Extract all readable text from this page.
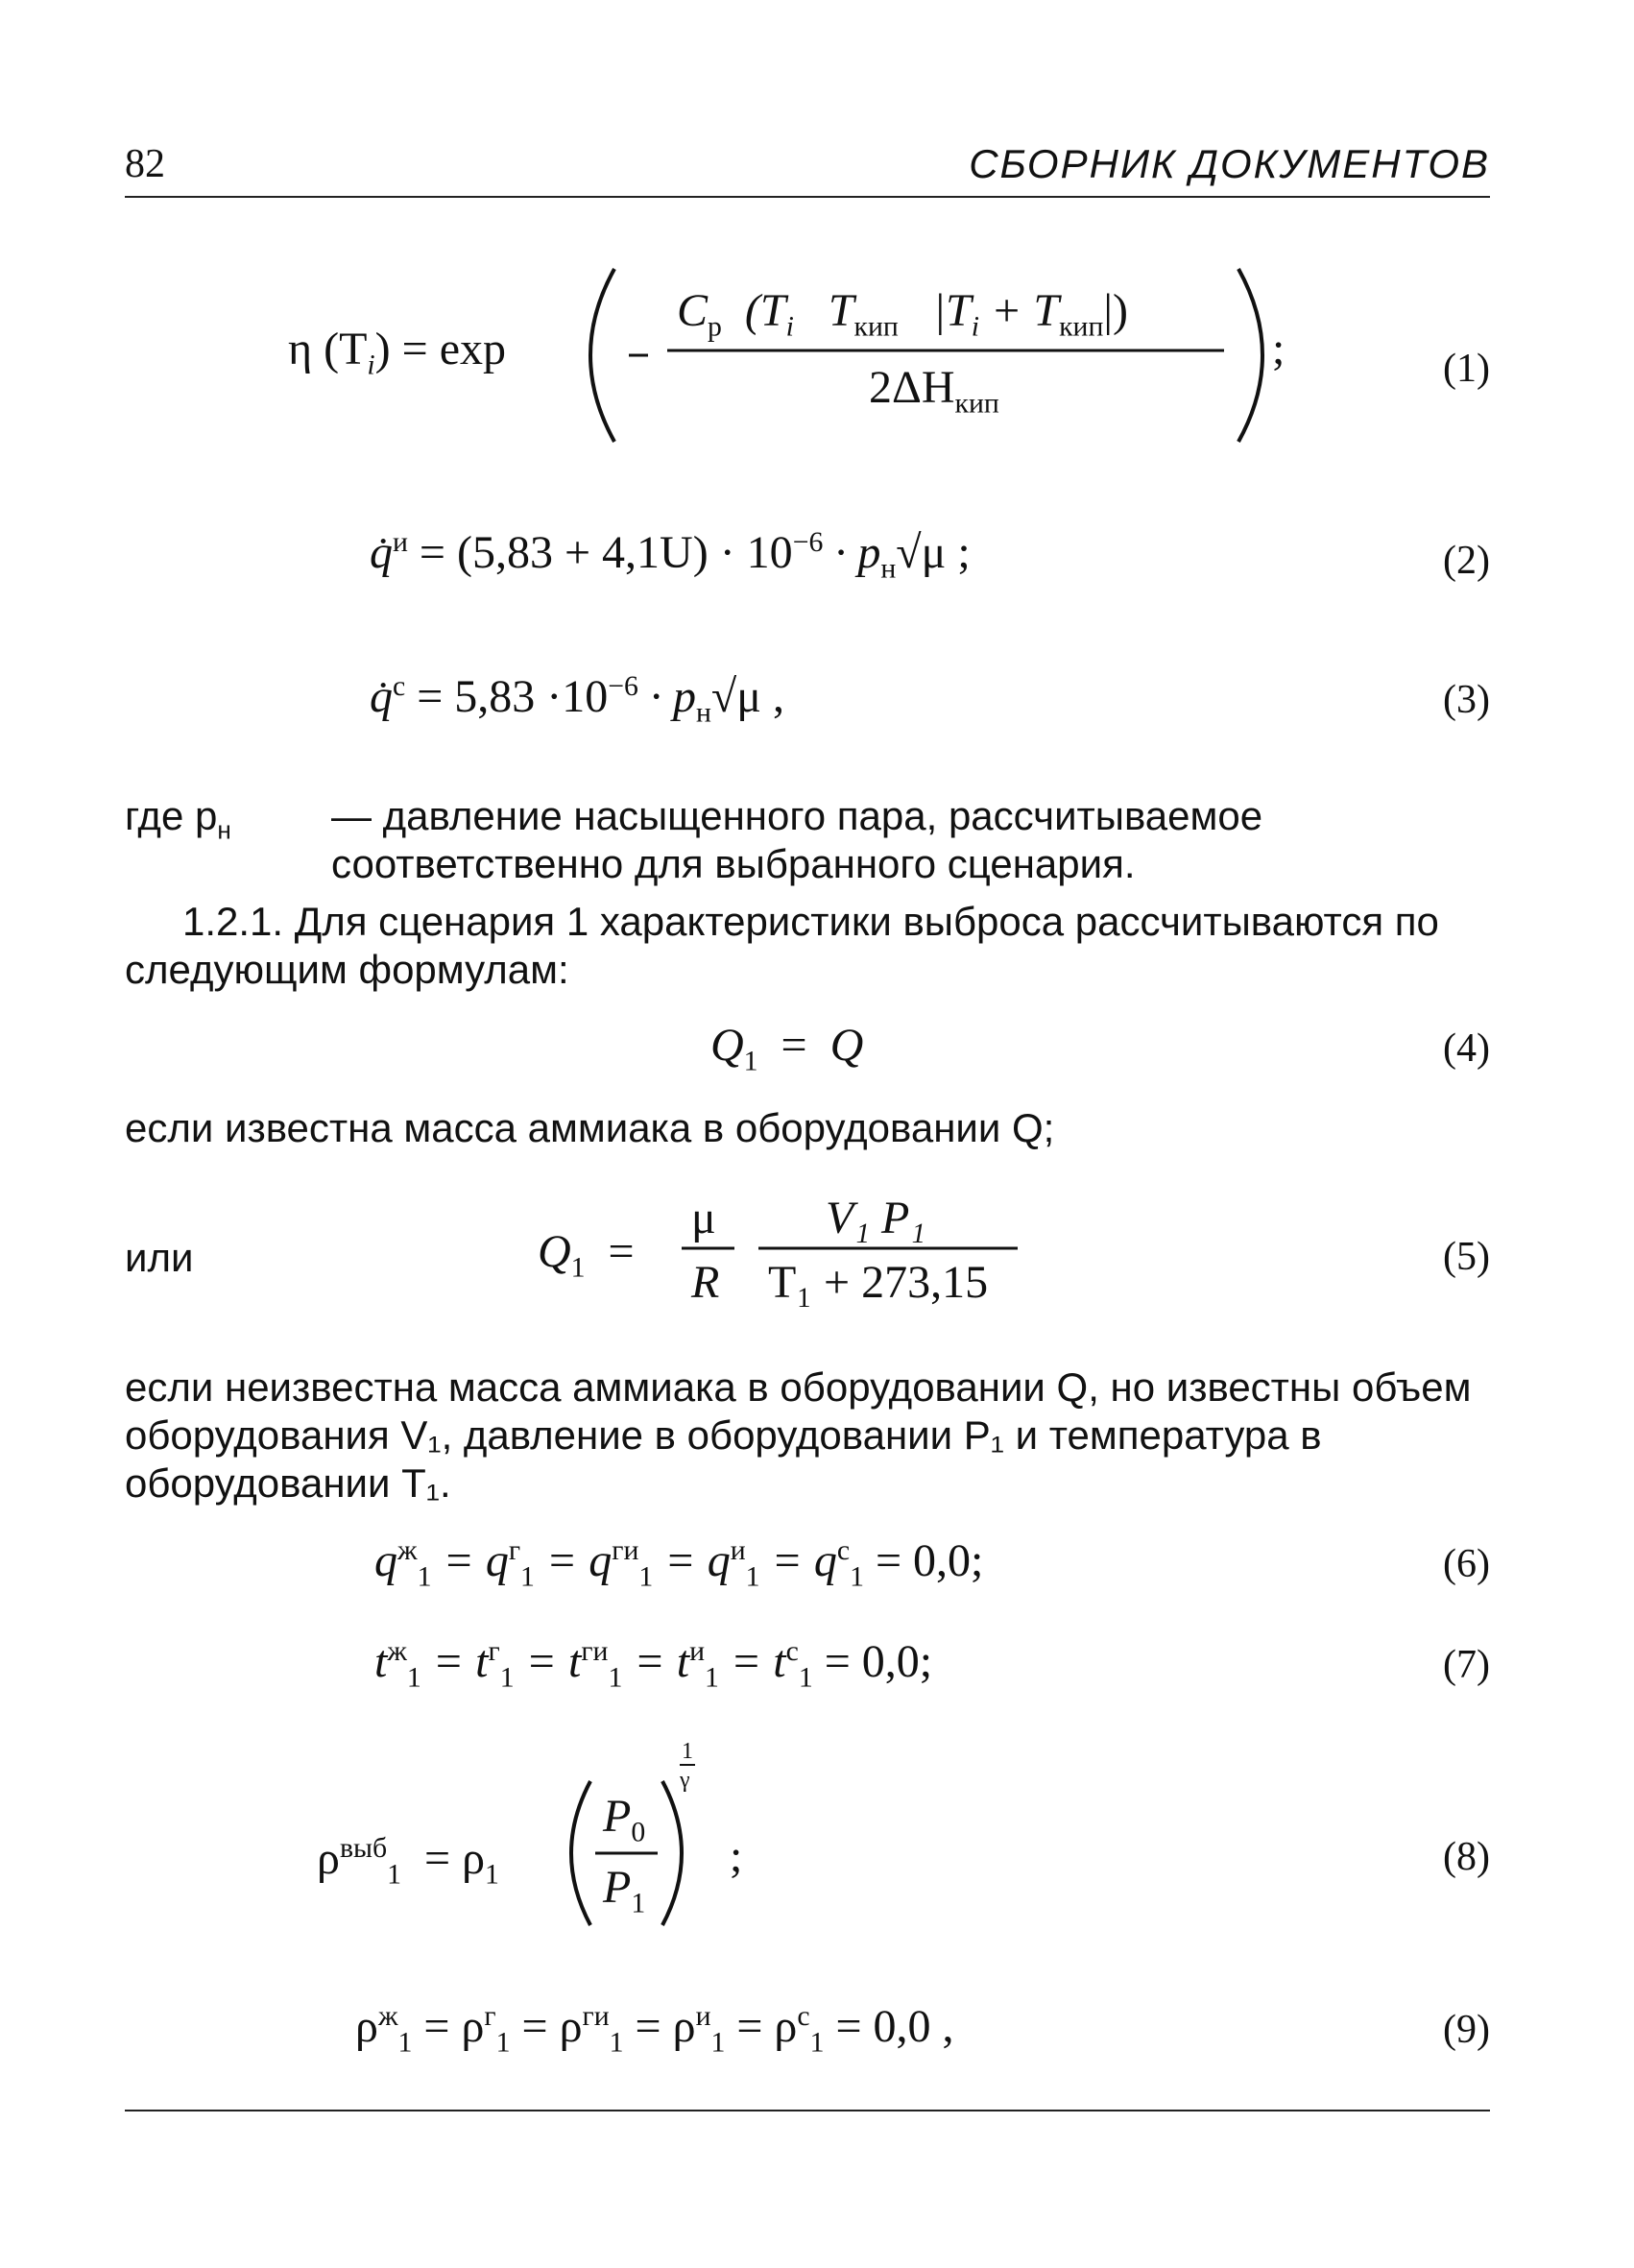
82	СБОРНИК ДОКУМЕНТОВ
η $(T_i) = \exp$
$C_р$ ($T_i$ $T_{кип}$ $|T_i + T_{кип}|$)
$2\Delta H_{кип}$
;	(1)
q̇$^и$ = $(5,83 + 4,1U) \cdot 10^{-6} \cdot p_н√\mu$ ;	(2)
q̇$^с$ = $5,83 \cdot 10^{-6} \cdot p_н√\mu$ ,	(3)
где $p_н$	— давление насыщенного пара, рассчитываемое соответственно для выбранного сценария.
1.2.1. Для сценария 1 характеристики выброса рассчитываются по следующим формулам:
$Q_1 = Q$	(4)
если известна масса аммиака в оборудовании Q;
или	$Q_1$ =
μ
R
V₁ P₁
T₁ + 273,15	(5)
если неизвестна масса аммиака в оборудовании Q, но известны объем оборудования V₁, давление в оборудовании P₁ и температура в оборудовании T₁.
$q^ж_1 = q^г_1 = q^{ги}_1 = q^и_1 = q^с_1 = 0,0$;	(6)
$t^ж_1 = t^г_1 = t^{ги}_1 = t^и_1 = t^с_1 = 0,0$;	(7)
$\rho^{выб}_1 = \rho_1$
$P_0$
$P_1$
1
γ
;	(8)
$\rho^ж_1 = \rho^г_1 = \rho^{ги}_1 = \rho^и_1 = \rho^с_1 = 0,0$ ,	(9)
